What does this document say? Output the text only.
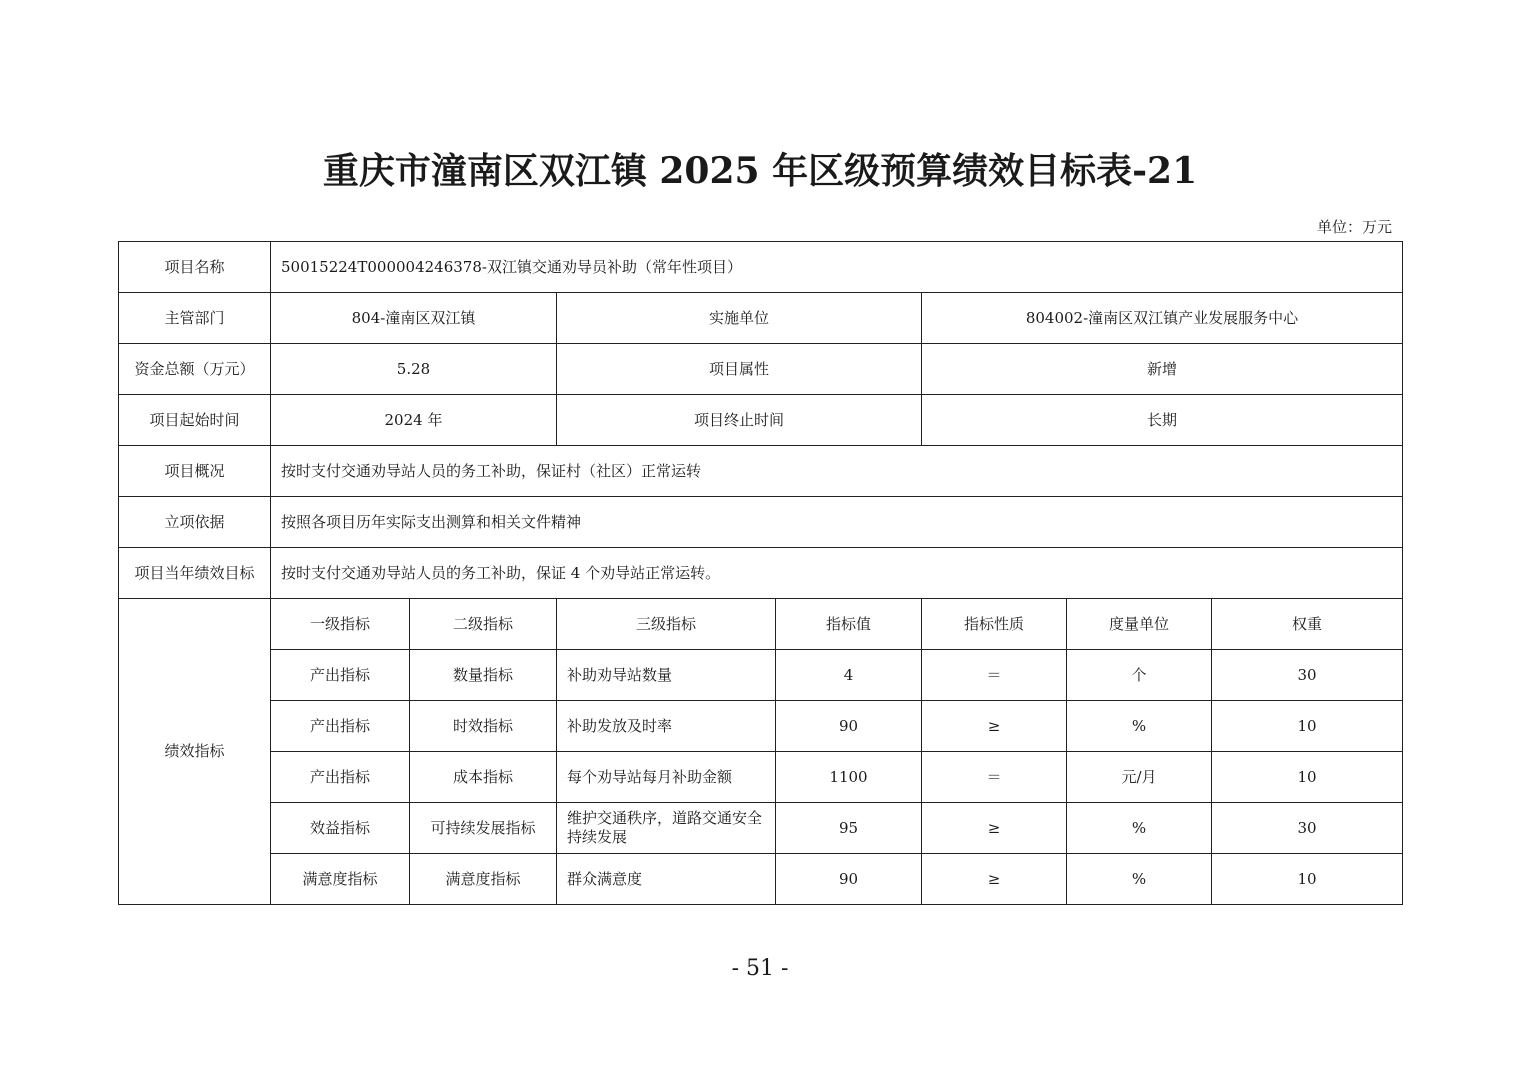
重庆市潼南区双江镇 2025 年区级预算绩效目标表-21
单位：万元
项目名称	50015224T000004246378-双江镇交通劝导员补助（常年性项目）						
主管部门	804-潼南区双江镇		实施单位		804002-潼南区双江镇产业发展服务中心		
资金总额（万元）	5.28		项目属性		新增		
项目起始时间	2024 年		项目终止时间		长期		
项目概况	按时支付交通劝导站人员的务工补助，保证村（社区）正常运转						
立项依据	按照各项目历年实际支出测算和相关文件精神						
项目当年绩效目标	按时支付交通劝导站人员的务工补助，保证 4 个劝导站正常运转。						
绩效指标	一级指标	二级指标	三级指标	指标值	指标性质	度量单位	权重
	产出指标	数量指标	补助劝导站数量	4	＝	个	30
	产出指标	时效指标	补助发放及时率	90	≥	%	10
	产出指标	成本指标	每个劝导站每月补助金额	1100	＝	元/月	10
	效益指标	可持续发展指标	维护交通秩序，道路交通安全持续发展	95	≥	%	30
	满意度指标	满意度指标	群众满意度	90	≥	%	10
- 51 -
